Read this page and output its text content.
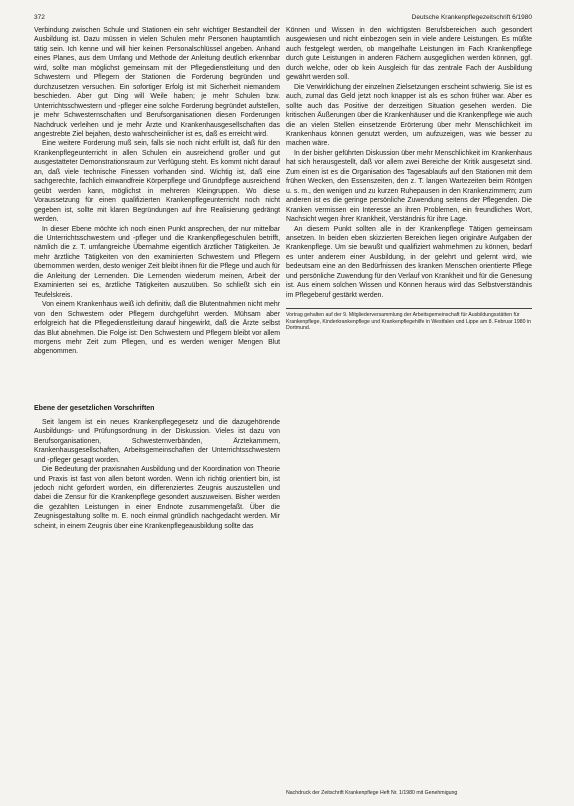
372	Deutsche Krankenpflegezeitschrift 6/1980

Verbindung zwischen Schule und Stationen ein sehr wichtiger Bestandteil der Ausbildung ist. Dazu müssen in vielen Schulen mehr Personen hauptamtlich tätig sein. Ich kenne und will hier keinen Personalschlüssel angeben. Anhand eines Planes, aus dem Umfang und Methode der Anleitung deutlich erkennbar wird, sollte man möglichst gemeinsam mit der Pflegedienstleitung und den Schwestern und Pflegern der Stationen die Forderung begründen und durchzusetzen versuchen. Ein sofortiger Erfolg ist mit Sicherheit niemandem beschieden. Aber gut Ding will Weile haben; je mehr Schulen bzw. Unterrichtsschwestern und -pfleger eine solche Forderung begründet aufstellen, je mehr Schwesternschaften und Berufsorganisationen diesen Forderungen Nachdruck verleihen und je mehr Ärzte und Krankenhausgesellschaften das angestrebte Ziel bejahen, desto wahrscheinlicher ist es, daß es erreicht wird.

Eine weitere Forderung muß sein, falls sie noch nicht erfüllt ist, daß für den Krankenpflegeunterricht in allen Schulen ein ausreichend großer und gut ausgestatteter Demonstrationsraum zur Verfügung steht. Es kommt nicht darauf an, daß viele technische Finessen vorhanden sind. Wichtig ist, daß eine sachgerechte, fachlich einwandfreie Körperpflege und Grundpflege ausreichend geübt werden kann, möglichst in mehreren Kleingruppen. Wo diese Voraussetzung für einen qualifizierten Krankenpflegeunterricht noch nicht gegeben ist, sollte mit klaren Begründungen auf ihre Realisierung gedrängt werden.

In dieser Ebene möchte ich noch einen Punkt ansprechen, der nur mittelbar die Unterrichtsschwestern und -pfleger und die Krankenpflegeschulen betrifft, nämlich die z. T. umfangreiche Übernahme eigentlich ärztlicher Tätigkeiten. Je mehr ärztliche Tätigkeiten von den examinierten Schwestern und Pflegern übernommen werden, desto weniger Zeit bleibt ihnen für die Pflege und auch für die Anleitung der Lernenden. Die Lernenden wiederum meinen, Arbeit der Examinierten sei es, ärztliche Tätigkeiten auszuüben. So schließt sich ein Teufelskreis.

Von einem Krankenhaus weiß ich definitiv, daß die Blutentnahmen nicht mehr von den Schwestern oder Pflegern durchgeführt werden. Mühsam aber erfolgreich hat die Pflegedienstleitung darauf hingewirkt, daß die Ärzte selbst das Blut abnehmen. Die Folge ist: Den Schwestern und Pflegern bleibt vor allem morgens mehr Zeit zum Pflegen, und es werden weniger Mengen Blut abgenommen.

Ebene der gesetzlichen Vorschriften

Seit langem ist ein neues Krankenpflegegesetz und die dazugehörende Ausbildungs- und Prüfungsordnung in der Diskussion. Vieles ist dazu von Berufsorganisationen, Schwesternverbänden, Ärztekammern, Krankenhausgesellschaften, Arbeitsgemeinschaften der Unterrichtsschwestern und -pfleger gesagt worden.

Die Bedeutung der praxisnahen Ausbildung und der Koordination von Theorie und Praxis ist fast von allen betont worden. Wenn ich richtig orientiert bin, ist jedoch nicht gefordert worden, ein differenziertes Zeugnis auszustellen und dabei die Zensur für die Krankenpflege gesondert auszuweisen. Bisher werden die gezahlten Leistungen in einer Endnote zusammengefaßt. Über die Zeugnisgestaltung sollte m. E. noch einmal gründlich nachgedacht werden. Mir scheint, in einem Zeugnis über eine Krankenpflegeausbildung sollte das

Können und Wissen in den wichtigsten Berufsbereichen auch gesondert ausgewiesen und nicht einbezogen sein in viele andere Leistungen. Es müßte auch festgelegt werden, ob mangelhafte Leistungen im Fach Krankenpflege durch gute Leistungen in anderen Fächern ausgeglichen werden können, ggf. durch welche, oder ob kein Ausgleich für das zentrale Fach der Ausbildung gewährt werden soll.

Die Verwirklichung der einzelnen Zielsetzungen erscheint schwierig. Sie ist es auch, zumal das Geld jetzt noch knapper ist als es schon früher war. Aber es sollte auch das Positive der derzeitigen Situation gesehen werden. Die kritischen Äußerungen über die Krankenhäuser und die Krankenpflege wie auch die an vielen Stellen einsetzende Erörterung über mehr Menschlichkeit im Krankenhaus können genutzt werden, um aufzuzeigen, was wie besser zu machen wäre.

In der bisher geführten Diskussion über mehr Menschlichkeit im Krankenhaus hat sich herausgestellt, daß vor allem zwei Bereiche der Kritik ausgesetzt sind. Zum einen ist es die Organisation des Tagesablaufs auf den Stationen mit dem frühen Wecken, den Essenszeiten, den z. T. langen Wartezeiten beim Röntgen u. s. m., den wenigen und zu kurzen Ruhepausen in den Krankenzimmern; zum anderen ist es die geringe persönliche Zuwendung seitens der Pflegenden. Die Kranken vermissen ein Interesse an ihren Problemen, ein freundliches Wort, Nachsicht wegen ihrer Krankheit, Verständnis für ihre Lage.

An diesem Punkt sollten alle in der Krankenpflege Tätigen gemeinsam ansetzen. In beiden eben skizzierten Bereichen liegen originäre Aufgaben der Krankenpflege. Um sie bewußt und qualifiziert wahrnehmen zu können, bedarf es unter anderem einer Ausbildung, in der gelehrt und gelernt wird, wie bedeutsam eine an den Bedürfnissen des kranken Menschen orientierte Pflege und persönliche Zuwendung für den Verlauf von Krankheit und für die Genesung ist. Aus einem solchen Wissen und Können heraus wird das Selbstverständnis im Pflegeberuf gestärkt werden.

Vortrag gehalten auf der 9. Mitgliederversammlung der Arbeitsgemeinschaft für Ausbildungsstätten für Krankenpflege, Kinderkrankenpflege und Krankenpflegehilfe in Westfalen und Lippe am 8. Februar 1980 in Dortmund.
Nachdruck der Zeitschrift Krankenpflege Heft Nr. 1/1980 mit Genehmigung
